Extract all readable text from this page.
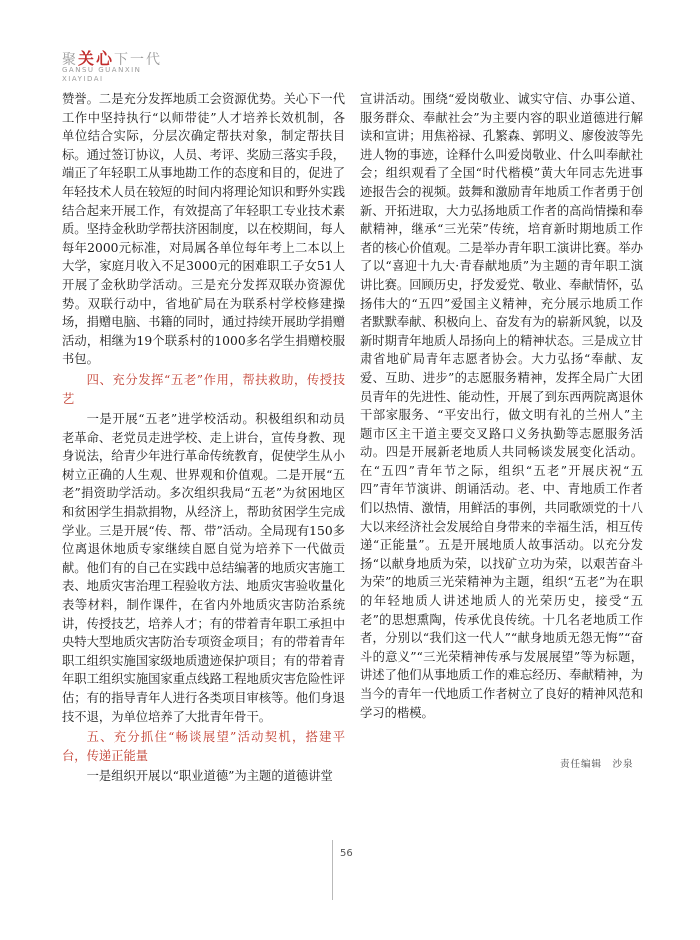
聚关心下一代
GANSU GUANXIN
XIAYIDAI

赞誉。二是充分发挥地质工会资源优势。关心下一代工作中坚持执行“以师带徒”人才培养长效机制，各单位结合实际，分层次确定帮扶对象，制定帮扶目标。通过签订协议，人员、考评、奖励三落实手段，端正了年轻职工从事地勘工作的态度和目的，促进了年轻技术人员在较短的时间内将理论知识和野外实践结合起来开展工作，有效提高了年轻职工专业技术素质。坚持金秋助学帮扶济困制度，以在校期间，每人每年2000元标准，对局属各单位每年考上二本以上大学，家庭月收入不足3000元的困难职工子女51人开展了金秋助学活动。三是充分发挥双联办资源优势。双联行动中，省地矿局在为联系村学校修建操场，捐赠电脑、书籍的同时，通过持续开展助学捐赠活动，相继为19个联系村的1000多名学生捐赠校服书包。

四、充分发挥“五老”作用，帮扶救助，传授技艺

一是开展“五老”进学校活动。积极组织和动员老革命、老党员走进学校、走上讲台，宣传身教、现身说法，给青少年进行革命传统教育，促使学生从小树立正确的人生观、世界观和价值观。二是开展“五老”捐资助学活动。多次组织我局“五老”为贫困地区和贫困学生捐款捐物，从经济上，帮助贫困学生完成学业。三是开展“传、帮、带”活动。全局现有150多位离退休地质专家继续自愿自觉为培养下一代做贡献。他们有的自己在实践中总结编著的地质灾害施工表、地质灾害治理工程验收方法、地质灾害验收量化表等材料，制作课件，在省内外地质灾害防治系统讲，传授技艺，培养人才；有的带着青年职工承担中央特大型地质灾害防治专项资金项目；有的带着青年职工组织实施国家级地质遗迹保护项目；有的带着青年职工组织实施国家重点线路工程地质灾害危险性评估；有的指导青年人进行各类项目审核等。他们身退技不退，为单位培养了大批青年骨干。

五、充分抓住“畅谈展望”活动契机，搭建平台，传递正能量

一是组织开展以“职业道德”为主题的道德讲堂

宣讲活动。围绕“爱岗敬业、诚实守信、办事公道、服务群众、奉献社会”为主要内容的职业道德进行解读和宣讲；用焦裕禄、孔繁森、郭明义、廖俊波等先进人物的事迹，诠释什么叫爱岗敬业、什么叫奉献社会；组织观看了全国“时代楷模”黄大年同志先进事迹报告会的视频。鼓舞和激励青年地质工作者勇于创新、开拓进取，大力弘扬地质工作者的高尚情操和奉献精神，继承“三光荣”传统，培育新时期地质工作者的核心价值观。二是举办青年职工演讲比赛。举办了以“喜迎十九大·青春献地质”为主题的青年职工演讲比赛。回顾历史，抒发爱党、敬业、奉献情怀，弘扬伟大的“五四”爱国主义精神，充分展示地质工作者默默奉献、积极向上、奋发有为的崭新风貌，以及新时期青年地质人昂扬向上的精神状态。三是成立甘肃省地矿局青年志愿者协会。大力弘扬“奉献、友爱、互助、进步”的志愿服务精神，发挥全局广大团员青年的先进性、能动性，开展了到东西两院离退休干部家服务、“平安出行，做文明有礼的兰州人”主题市区主干道主要交叉路口义务执勤等志愿服务活动。四是开展新老地质人共同畅谈发展变化活动。在“五四”青年节之际，组织“五老”开展庆祝“五四”青年节演讲、朗诵活动。老、中、青地质工作者们以热情、激情，用鲜活的事例，共同歌颂党的十八大以来经济社会发展给自身带来的幸福生活，相互传递“正能量”。五是开展地质人故事活动。以充分发扬“以献身地质为荣，以找矿立功为荣，以艰苦奋斗为荣”的地质三光荣精神为主题，组织“五老”为在职的年轻地质人讲述地质人的光荣历史，接受“五老”的思想熏陶，传承优良传统。十几名老地质工作者，分别以“我们这一代人”“献身地质无怨无悔”“奋斗的意义”“三光荣精神传承与发展展望”等为标题，讲述了他们从事地质工作的难忘经历、奉献精神，为当今的青年一代地质工作者树立了良好的精神风范和学习的楷模。

责任编辑　沙泉
56
